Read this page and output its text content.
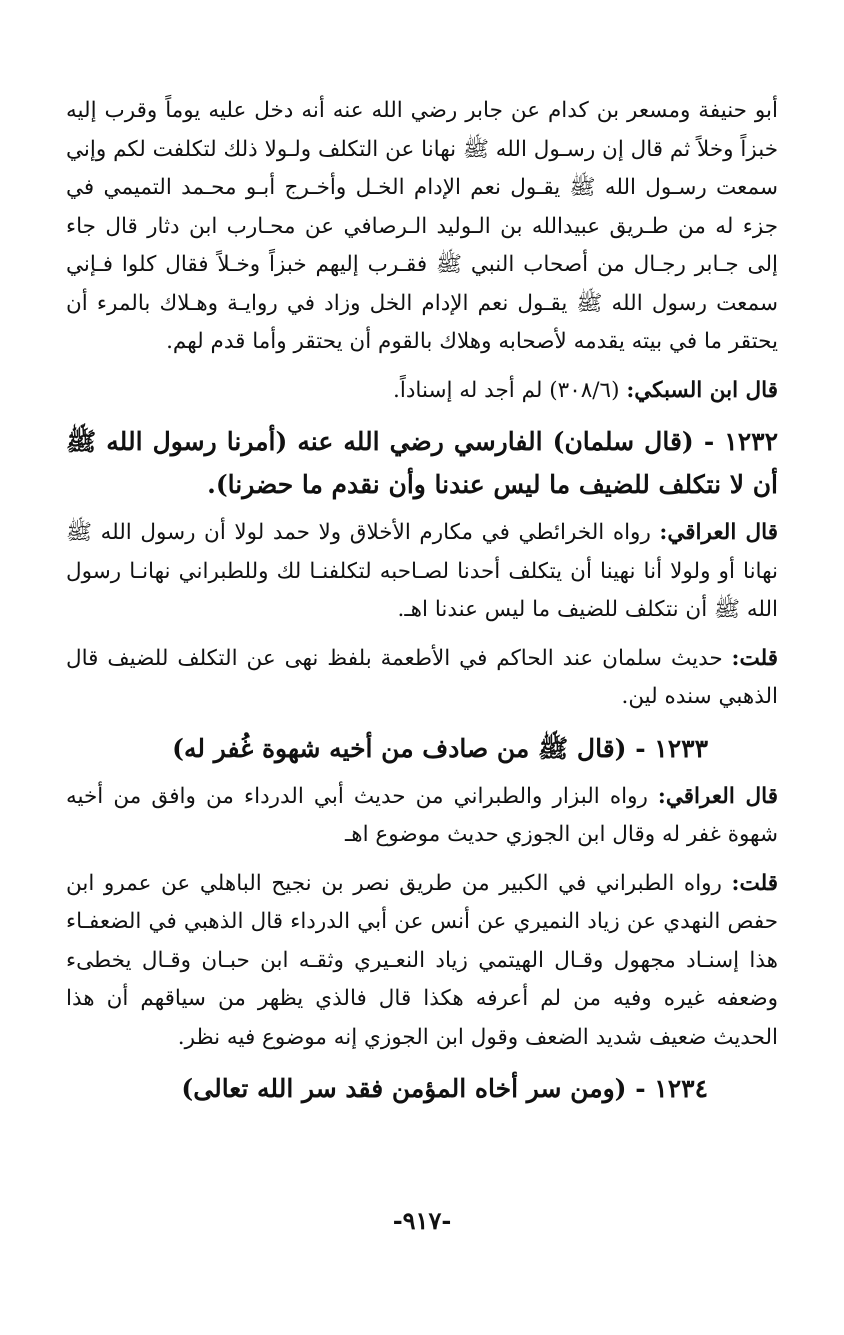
أبو حنيفة ومسعر بن كدام عن جابر رضي الله عنه أنه دخل عليه يوماً وقرب إليه خبزاً وخلاً ثم قال إن رسـول الله ﷺ نهانا عن التكلف ولـولا ذلك لتكلفت لكم وإني سمعت رسـول الله ﷺ يقـول نعم الإدام الخـل وأخـرج أبـو محـمد التميمي في جزء له من طـريق عبيدالله بن الـوليد الـرصافي عن محـارب ابن دثار قال جاء إلى جـابر رجـال من أصحاب النبي ﷺ فقـرب إليهم خبزاً وخـلاً فقال كلوا فـإني سمعت رسول الله ﷺ يقـول نعم الإدام الخل وزاد في روايـة وهـلاك بالمرء أن يحتقر ما في بيته يقدمه لأصحابه وهلاك بالقوم أن يحتقر وأما قدم لهم.

قال ابن السبكي: (٣٠٨/٦) لم أجد له إسناداً.

١٢٣٢ - (قال سلمان) الفارسي رضي الله عنه (أمرنا رسول الله ﷺ أن لا نتكلف للضيف ما ليس عندنا وأن نقدم ما حضرنا).

قال العراقي: رواه الخرائطي في مكارم الأخلاق ولا حمد لولا أن رسول الله ﷺ نهانا أو ولولا أنا نهينا أن يتكلف أحدنا لصـاحبه لتكلفنـا لك وللطبراني نهانـا رسول الله ﷺ أن نتكلف للضيف ما ليس عندنا اهـ.

قلت: حديث سلمان عند الحاكم في الأطعمة بلفظ نهى عن التكلف للضيف قال الذهبي سنده لين.

١٢٣٣ - (قال ﷺ من صادف من أخيه شهوة غُفر له)

قال العراقي: رواه البزار والطبراني من حديث أبي الدرداء من وافق من أخيه شهوة غفر له وقال ابن الجوزي حديث موضوع اهـ

قلت: رواه الطبراني في الكبير من طريق نصر بن نجيح الباهلي عن عمرو ابن حفص النهدي عن زياد النميري عن أنس عن أبي الدرداء قال الذهبي في الضعفـاء هذا إسنـاد مجهول وقـال الهيتمي زياد النعـيري وثقـه ابن حبـان وقـال يخطىء وضعفه غيره وفيه من لم أعرفه هكذا قال فالذي يظهر من سياقهم أن هذا الحديث ضعيف شديد الضعف وقول ابن الجوزي إنه موضوع فيه نظر.

١٢٣٤ - (ومن سر أخاه المؤمن فقد سر الله تعالى)
-٩١٧-
